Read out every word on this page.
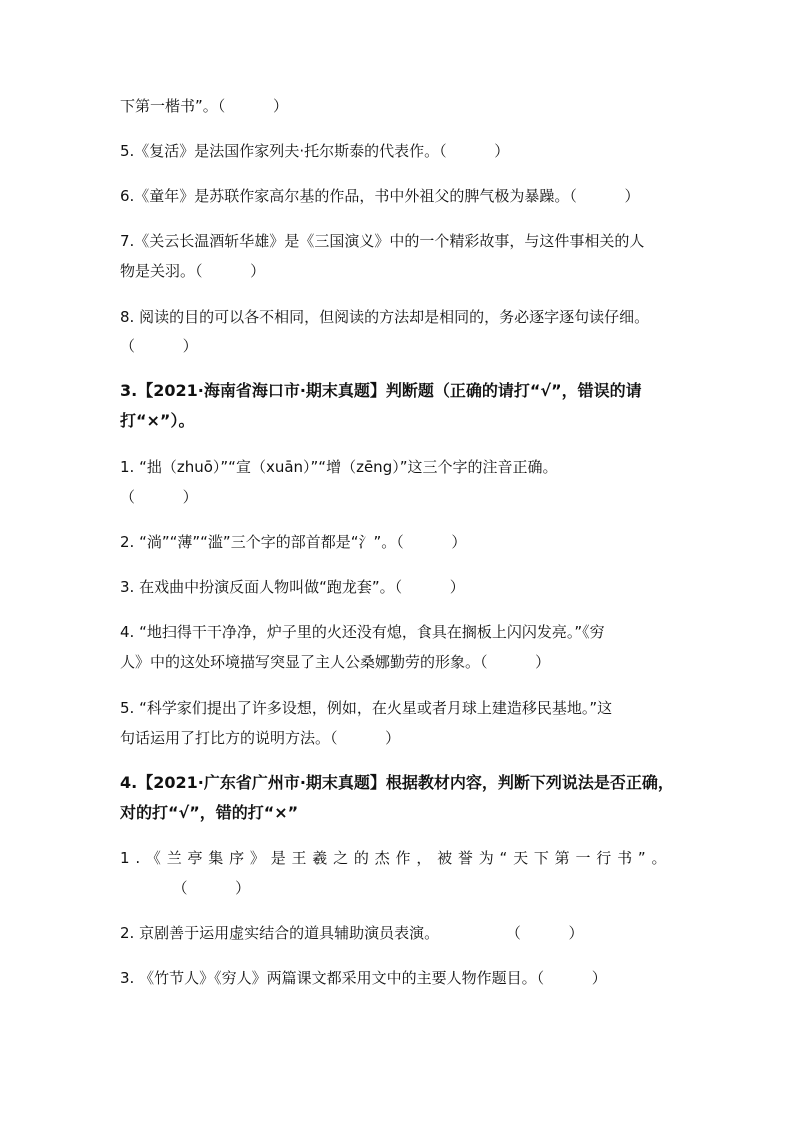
下第一楷书”。（          ）
5.《复活》是法国作家列夫·托尔斯泰的代表作。（          ）
6.《童年》是苏联作家高尔基的作品，书中外祖父的脾气极为暴躁。（          ）
7.《关云长温酒斩华雄》是《三国演义》中的一个精彩故事，与这件事相关的人
物是关羽。（          ）
8. 阅读的目的可以各不相同，但阅读的方法却是相同的，务必逐字逐句读仔细。
（          ）
3.【2021·海南省海口市·期末真题】判断题（正确的请打“√”，错误的请
打“×”）。
1. “拙（zhuō）”“宣（xuān）”“增（zēng）”这三个字的注音正确。
（          ）
2. “淌”“薄”“滥”三个字的部首都是“氵”。（          ）
3. 在戏曲中扮演反面人物叫做“跑龙套”。（          ）
4. “地扫得干干净净，炉子里的火还没有熄，食具在搁板上闪闪发亮。”《穷
人》中的这处环境描写突显了主人公桑娜勤劳的形象。（          ）
5. “科学家们提出了许多设想，例如，在火星或者月球上建造移民基地。”这
句话运用了打比方的说明方法。（          ）
4.【2021·广东省广州市·期末真题】根据教材内容，判断下列说法是否正确，
对的打“√”，错的打“×”
1.《兰亭集序》是王羲之的杰作，被誉为“天下第一行书”。
（          ）
2. 京剧善于运用虚实结合的道具辅助演员表演。              （          ）
3. 《竹节人》《穷人》两篇课文都采用文中的主要人物作题目。（          ）
